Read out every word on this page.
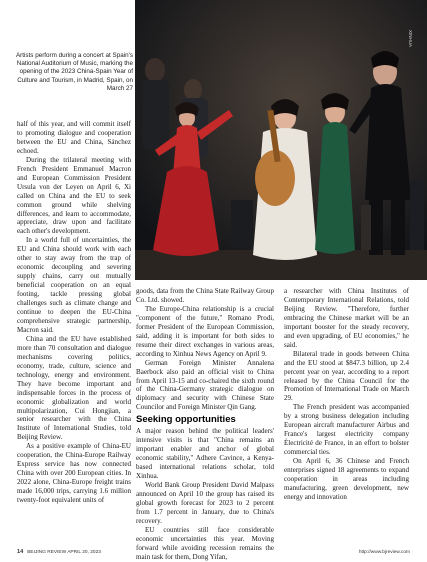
XINHUA
Artists perform during a concert at Spain's National Auditorium of Music, marking the opening of the 2023 China-Spain Year of Culture and Tourism, in Madrid, Spain, on March 27

half of this year, and will commit itself to promoting dialogue and cooperation between the EU and China, Sánchez echoed.

During the trilateral meeting with French President Emmanuel Macron and European Commission President Ursula von der Leyen on April 6, Xi called on China and the EU to seek common ground while shelving differences, and learn to accommodate, appreciate, draw upon and facilitate each other's development.

In a world full of uncertainties, the EU and China should work with each other to stay away from the trap of economic decoupling and severing supply chains, carry out mutually beneficial cooperation on an equal footing, tackle pressing global challenges such as climate change and continue to deepen the EU-China comprehensive strategic partnership, Macron said.

China and the EU have established more than 70 consultation and dialogue mechanisms covering politics, economy, trade, culture, science and technology, energy and environment. They have become important and indispensable forces in the process of economic globalization and world multipolarization, Cui Hongjian, a senior researcher with the China Institute of International Studies, told Beijing Review.

As a positive example of China-EU cooperation, the China-Europe Railway Express service has now connected China with over 200 European cities. In 2022 alone, China-Europe freight trains made 16,000 trips, carrying 1.6 million twenty-foot equivalent units of

goods, data from the China State Railway Group Co. Ltd. showed.

The Europe-China relationship is a crucial "component of the future," Romano Prodi, former President of the European Commission, said, adding it is important for both sides to resume their direct exchanges in various areas, according to Xinhua News Agency on April 9.

German Foreign Minister Annalena Baerbock also paid an official visit to China from April 13-15 and co-chaired the sixth round of the China-Germany strategic dialogue on diplomacy and security with Chinese State Councilor and Foreign Minister Qin Gang.

Seeking opportunities

A major reason behind the political leaders' intensive visits is that "China remains an important enabler and anchor of global economic stability," Adhere Cavince, a Kenya-based international relations scholar, told Xinhua.

World Bank Group President David Malpass announced on April 10 the group has raised its global growth forecast for 2023 to 2 percent from 1.7 percent in January, due to China's recovery.

EU countries still face considerable economic uncertainties this year. Moving forward while avoiding recession remains the main task for them, Dong Yifan,

a researcher with China Institutes of Contemporary International Relations, told Beijing Review. "Therefore, further embracing the Chinese market will be an important booster for the steady recovery, and even upgrading, of EU economies," he said.

Bilateral trade in goods between China and the EU stood at $847.3 billion, up 2.4 percent year on year, according to a report released by the China Council for the Promotion of International Trade on March 29.

The French president was accompanied by a strong business delegation including European aircraft manufacturer Airbus and France's largest electricity company Électricité de France, in an effort to bolster commercial ties.

On April 6, 36 Chinese and French enterprises signed 18 agreements to expand cooperation in areas including manufacturing, green development, new energy and innovation

14 BEIJING REVIEW APRIL 20, 2023	http://www.bjreview.com
